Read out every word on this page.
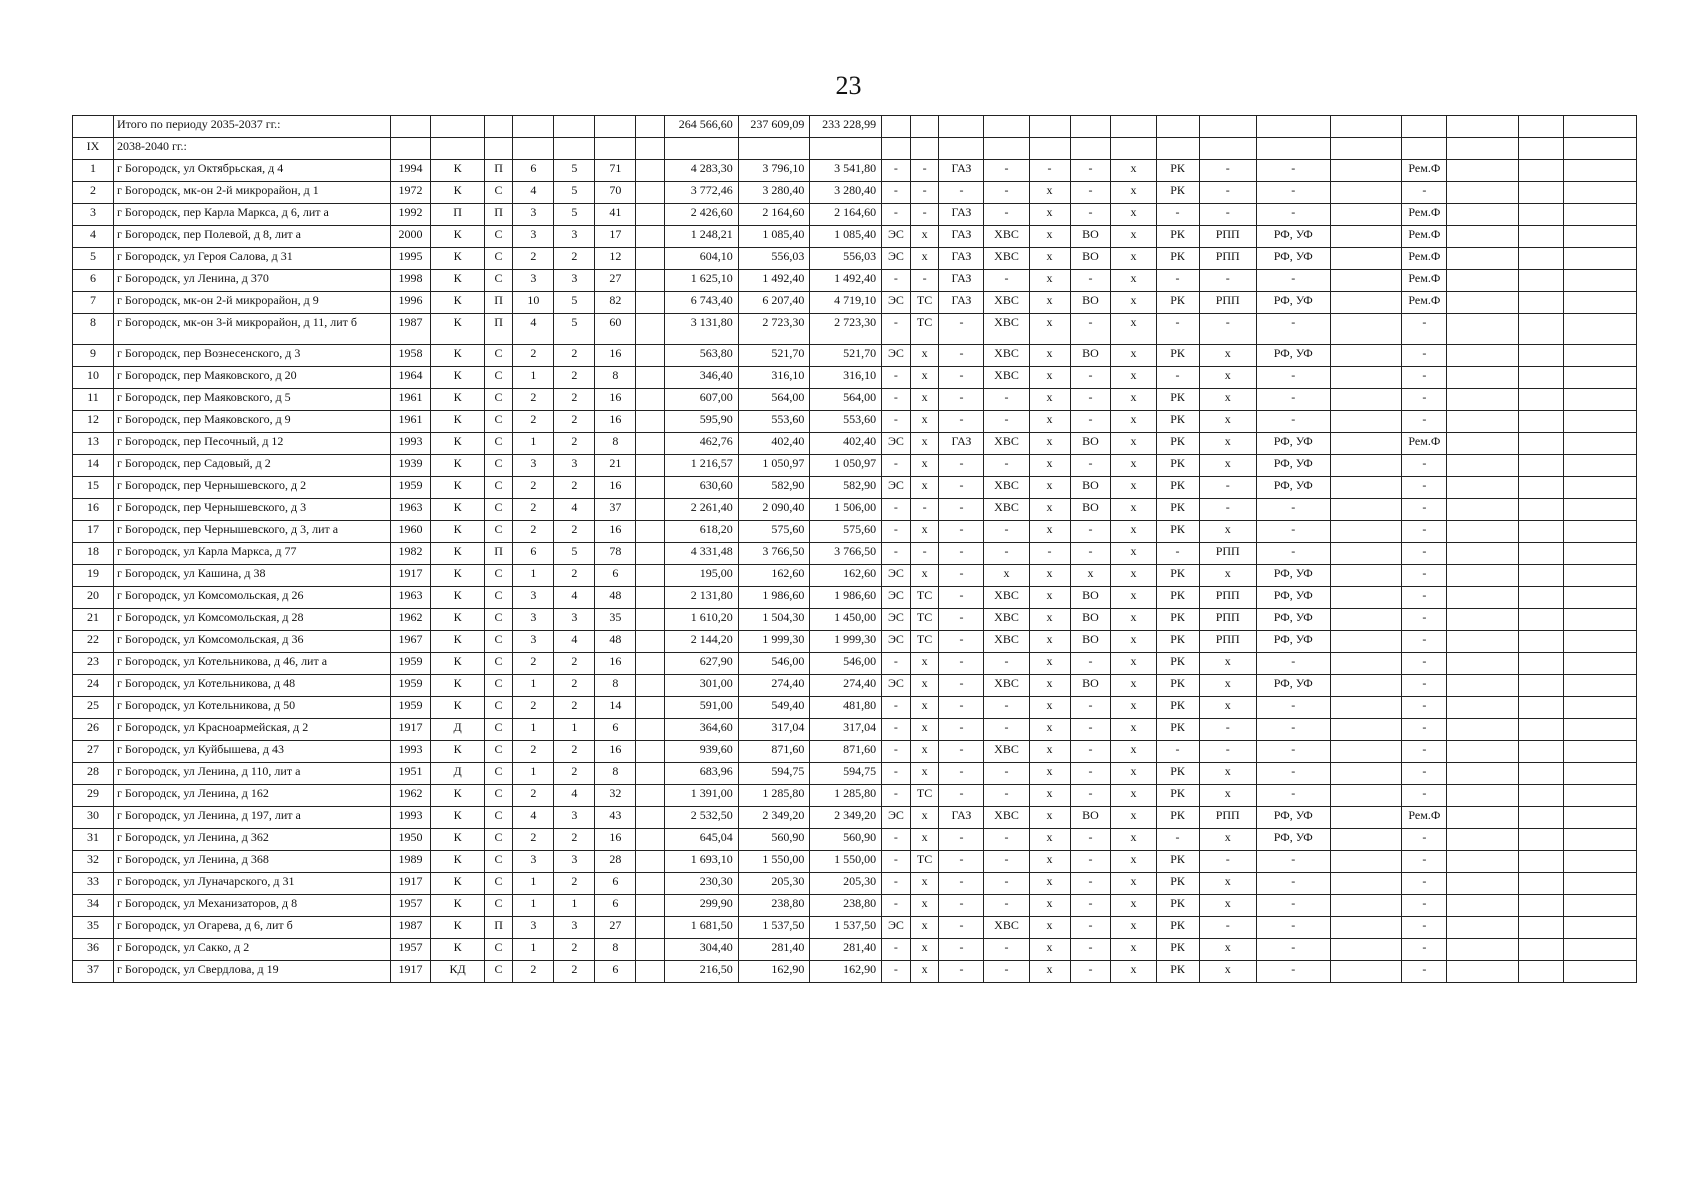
23
	Итого по периоду 2035-2037 гг.:								264 566,60	237 609,09	233 228,99															
IX	2038-2040 гг.:																									
1	г Богородск, ул Октябрьская, д 4	1994	К	П	6	5	71		4 283,30	3 796,10	3 541,80	-	-	ГАЗ	-	-	-	х	РК	-	-		Рем.Ф			
2	г Богородск, мк-он 2-й микрорайон, д 1	1972	К	С	4	5	70		3 772,46	3 280,40	3 280,40	-	-	-	-	х	-	х	РК	-	-		-			
3	г Богородск, пер Карла Маркса, д 6, лит а	1992	П	П	3	5	41		2 426,60	2 164,60	2 164,60	-	-	ГАЗ	-	х	-	х	-	-	-		Рем.Ф			
4	г Богородск, пер Полевой, д 8, лит а	2000	К	С	3	3	17		1 248,21	1 085,40	1 085,40	ЭС	х	ГАЗ	ХВС	х	ВО	х	РК	РПП	РФ, УФ		Рем.Ф			
5	г Богородск, ул Героя Салова, д 31	1995	К	С	2	2	12		604,10	556,03	556,03	ЭС	х	ГАЗ	ХВС	х	ВО	х	РК	РПП	РФ, УФ		Рем.Ф			
6	г Богородск, ул Ленина, д 370	1998	К	С	3	3	27		1 625,10	1 492,40	1 492,40	-	-	ГАЗ	-	х	-	х	-	-	-		Рем.Ф			
7	г Богородск, мк-он 2-й микрорайон, д 9	1996	К	П	10	5	82		6 743,40	6 207,40	4 719,10	ЭС	ТС	ГАЗ	ХВС	х	ВО	х	РК	РПП	РФ, УФ		Рем.Ф			
8	г Богородск, мк-он 3-й микрорайон, д 11, лит б	1987	К	П	4	5	60		3 131,80	2 723,30	2 723,30	-	ТС	-	ХВС	х	-	х	-	-	-		-			
9	г Богородск, пер Вознесенского, д 3	1958	К	С	2	2	16		563,80	521,70	521,70	ЭС	х	-	ХВС	х	ВО	х	РК	х	РФ, УФ		-			
10	г Богородск, пер Маяковского, д 20	1964	К	С	1	2	8		346,40	316,10	316,10	-	х	-	ХВС	х	-	х	-	х	-		-			
11	г Богородск, пер Маяковского, д 5	1961	К	С	2	2	16		607,00	564,00	564,00	-	х	-	-	х	-	х	РК	х	-		-			
12	г Богородск, пер Маяковского, д 9	1961	К	С	2	2	16		595,90	553,60	553,60	-	х	-	-	х	-	х	РК	х	-		-			
13	г Богородск, пер Песочный, д 12	1993	К	С	1	2	8		462,76	402,40	402,40	ЭС	х	ГАЗ	ХВС	х	ВО	х	РК	х	РФ, УФ		Рем.Ф			
14	г Богородск, пер Садовый, д 2	1939	К	С	3	3	21		1 216,57	1 050,97	1 050,97	-	х	-	-	х	-	х	РК	х	РФ, УФ		-			
15	г Богородск, пер Чернышевского, д 2	1959	К	С	2	2	16		630,60	582,90	582,90	ЭС	х	-	ХВС	х	ВО	х	РК	-	РФ, УФ		-			
16	г Богородск, пер Чернышевского, д 3	1963	К	С	2	4	37		2 261,40	2 090,40	1 506,00	-	-	-	ХВС	х	ВО	х	РК	-	-		-			
17	г Богородск, пер Чернышевского, д 3, лит а	1960	К	С	2	2	16		618,20	575,60	575,60	-	х	-	-	х	-	х	РК	х	-		-			
18	г Богородск, ул Карла Маркса, д 77	1982	К	П	6	5	78		4 331,48	3 766,50	3 766,50	-	-	-	-	-	-	х	-	РПП	-		-			
19	г Богородск, ул Кашина, д 38	1917	К	С	1	2	6		195,00	162,60	162,60	ЭС	х	-	х	х	х	х	РК	х	РФ, УФ		-			
20	г Богородск, ул Комсомольская, д 26	1963	К	С	3	4	48		2 131,80	1 986,60	1 986,60	ЭС	ТС	-	ХВС	х	ВО	х	РК	РПП	РФ, УФ		-			
21	г Богородск, ул Комсомольская, д 28	1962	К	С	3	3	35		1 610,20	1 504,30	1 450,00	ЭС	ТС	-	ХВС	х	ВО	х	РК	РПП	РФ, УФ		-			
22	г Богородск, ул Комсомольская, д 36	1967	К	С	3	4	48		2 144,20	1 999,30	1 999,30	ЭС	ТС	-	ХВС	х	ВО	х	РК	РПП	РФ, УФ		-			
23	г Богородск, ул Котельникова, д 46, лит а	1959	К	С	2	2	16		627,90	546,00	546,00	-	х	-	-	х	-	х	РК	х	-		-			
24	г Богородск, ул Котельникова, д 48	1959	К	С	1	2	8		301,00	274,40	274,40	ЭС	х	-	ХВС	х	ВО	х	РК	х	РФ, УФ		-			
25	г Богородск, ул Котельникова, д 50	1959	К	С	2	2	14		591,00	549,40	481,80	-	х	-	-	х	-	х	РК	х	-		-			
26	г Богородск, ул Красноармейская, д 2	1917	Д	С	1	1	6		364,60	317,04	317,04	-	х	-	-	х	-	х	РК	-	-		-			
27	г Богородск, ул Куйбышева, д 43	1993	К	С	2	2	16		939,60	871,60	871,60	-	х	-	ХВС	х	-	х	-	-	-		-			
28	г Богородск, ул Ленина, д 110, лит а	1951	Д	С	1	2	8		683,96	594,75	594,75	-	х	-	-	х	-	х	РК	х	-		-			
29	г Богородск, ул Ленина, д 162	1962	К	С	2	4	32		1 391,00	1 285,80	1 285,80	-	ТС	-	-	х	-	х	РК	х	-		-			
30	г Богородск, ул Ленина, д 197, лит а	1993	К	С	4	3	43		2 532,50	2 349,20	2 349,20	ЭС	х	ГАЗ	ХВС	х	ВО	х	РК	РПП	РФ, УФ		Рем.Ф			
31	г Богородск, ул Ленина, д 362	1950	К	С	2	2	16		645,04	560,90	560,90	-	х	-	-	х	-	х	-	х	РФ, УФ		-			
32	г Богородск, ул Ленина, д 368	1989	К	С	3	3	28		1 693,10	1 550,00	1 550,00	-	ТС	-	-	х	-	х	РК	-	-		-			
33	г Богородск, ул Луначарского, д 31	1917	К	С	1	2	6		230,30	205,30	205,30	-	х	-	-	х	-	х	РК	х	-		-			
34	г Богородск, ул Механизаторов, д 8	1957	К	С	1	1	6		299,90	238,80	238,80	-	х	-	-	х	-	х	РК	х	-		-			
35	г Богородск, ул Огарева, д 6, лит б	1987	К	П	3	3	27		1 681,50	1 537,50	1 537,50	ЭС	х	-	ХВС	х	-	х	РК	-	-		-			
36	г Богородск, ул Сакко, д 2	1957	К	С	1	2	8		304,40	281,40	281,40	-	х	-	-	х	-	х	РК	х	-		-			
37	г Богородск, ул Свердлова, д 19	1917	КД	С	2	2	6		216,50	162,90	162,90	-	х	-	-	х	-	х	РК	х	-		-			
